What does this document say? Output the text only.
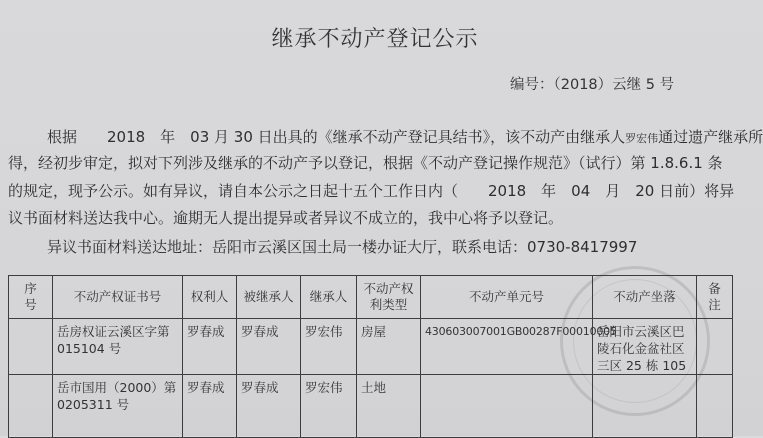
继承不动产登记公示
编号：（2018）云继 5 号
根据　　2018　年　03 月 30 日出具的《继承不动产登记具结书》，该不动产由继承人罗宏伟通过遗产继承所
得，经初步审定，拟对下列涉及继承的不动产予以登记，根据《不动产登记操作规范》（试行）第 1.8.6.1 条
的规定，现予公示。如有异议，请自本公示之日起十五个工作日内（　　2018　年　04　月　20 日前）将异
议书面材料送达我中心。逾期无人提出提异或者异议不成立的，我中心将予以登记。
异议书面材料送达地址：岳阳市云溪区国土局一楼办证大厅，联系电话：0730-8417997
序号	不动产权证书号	权利人	被继承人	继承人	不动产权利类型	不动产单元号	不动产坐落	备注
	岳房权证云溪区字第 015104 号	罗春成	罗春成	罗宏伟	房屋	430603007001GB00287F00010005	岳阳市云溪区巴陵石化金盆社区三区 25 栋 105	
	岳市国用（2000）第 0205311 号	罗春成	罗春成	罗宏伟	土地			
